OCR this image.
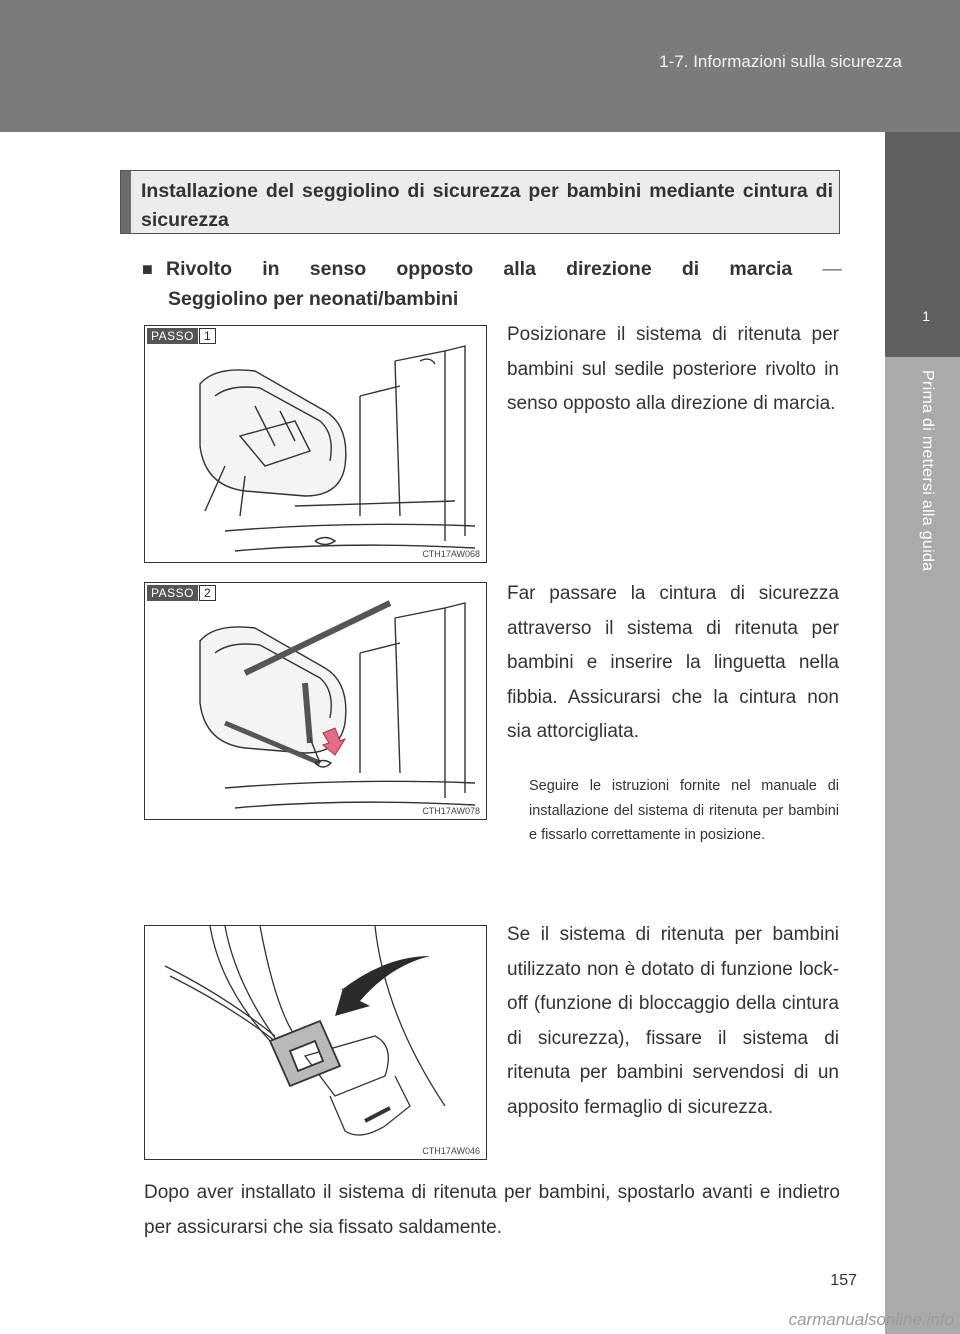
1-7. Informazioni sulla sicurezza
1
Prima di mettersi alla guida
Installazione del seggiolino di sicurezza per bambini mediante cintura di sicurezza
■ Rivolto in senso opposto alla direzione di marcia —
Seggiolino per neonati/bambini
PASSO 1
CTH17AW068
Posizionare il sistema di ritenuta per bambini sul sedile posteriore rivolto in senso opposto alla direzione di marcia.
PASSO 2
CTH17AW078
Far passare la cintura di sicurezza attraverso il sistema di ritenuta per bambini e inserire la linguetta nella fibbia. Assicurarsi che la cintura non sia attorcigliata.
Seguire le istruzioni fornite nel manuale di installazione del sistema di ritenuta per bambini e fissarlo correttamente in posizione.
CTH17AW046
Se il sistema di ritenuta per bambini utilizzato non è dotato di funzione lock-off (funzione di bloccaggio della cintura di sicurezza), fissare il sistema di ritenuta per bambini servendosi di un apposito fermaglio di sicurezza.
Dopo aver installato il sistema di ritenuta per bambini, spostarlo avanti e indietro per assicurarsi che sia fissato saldamente.
157
carmanualsonline.info
